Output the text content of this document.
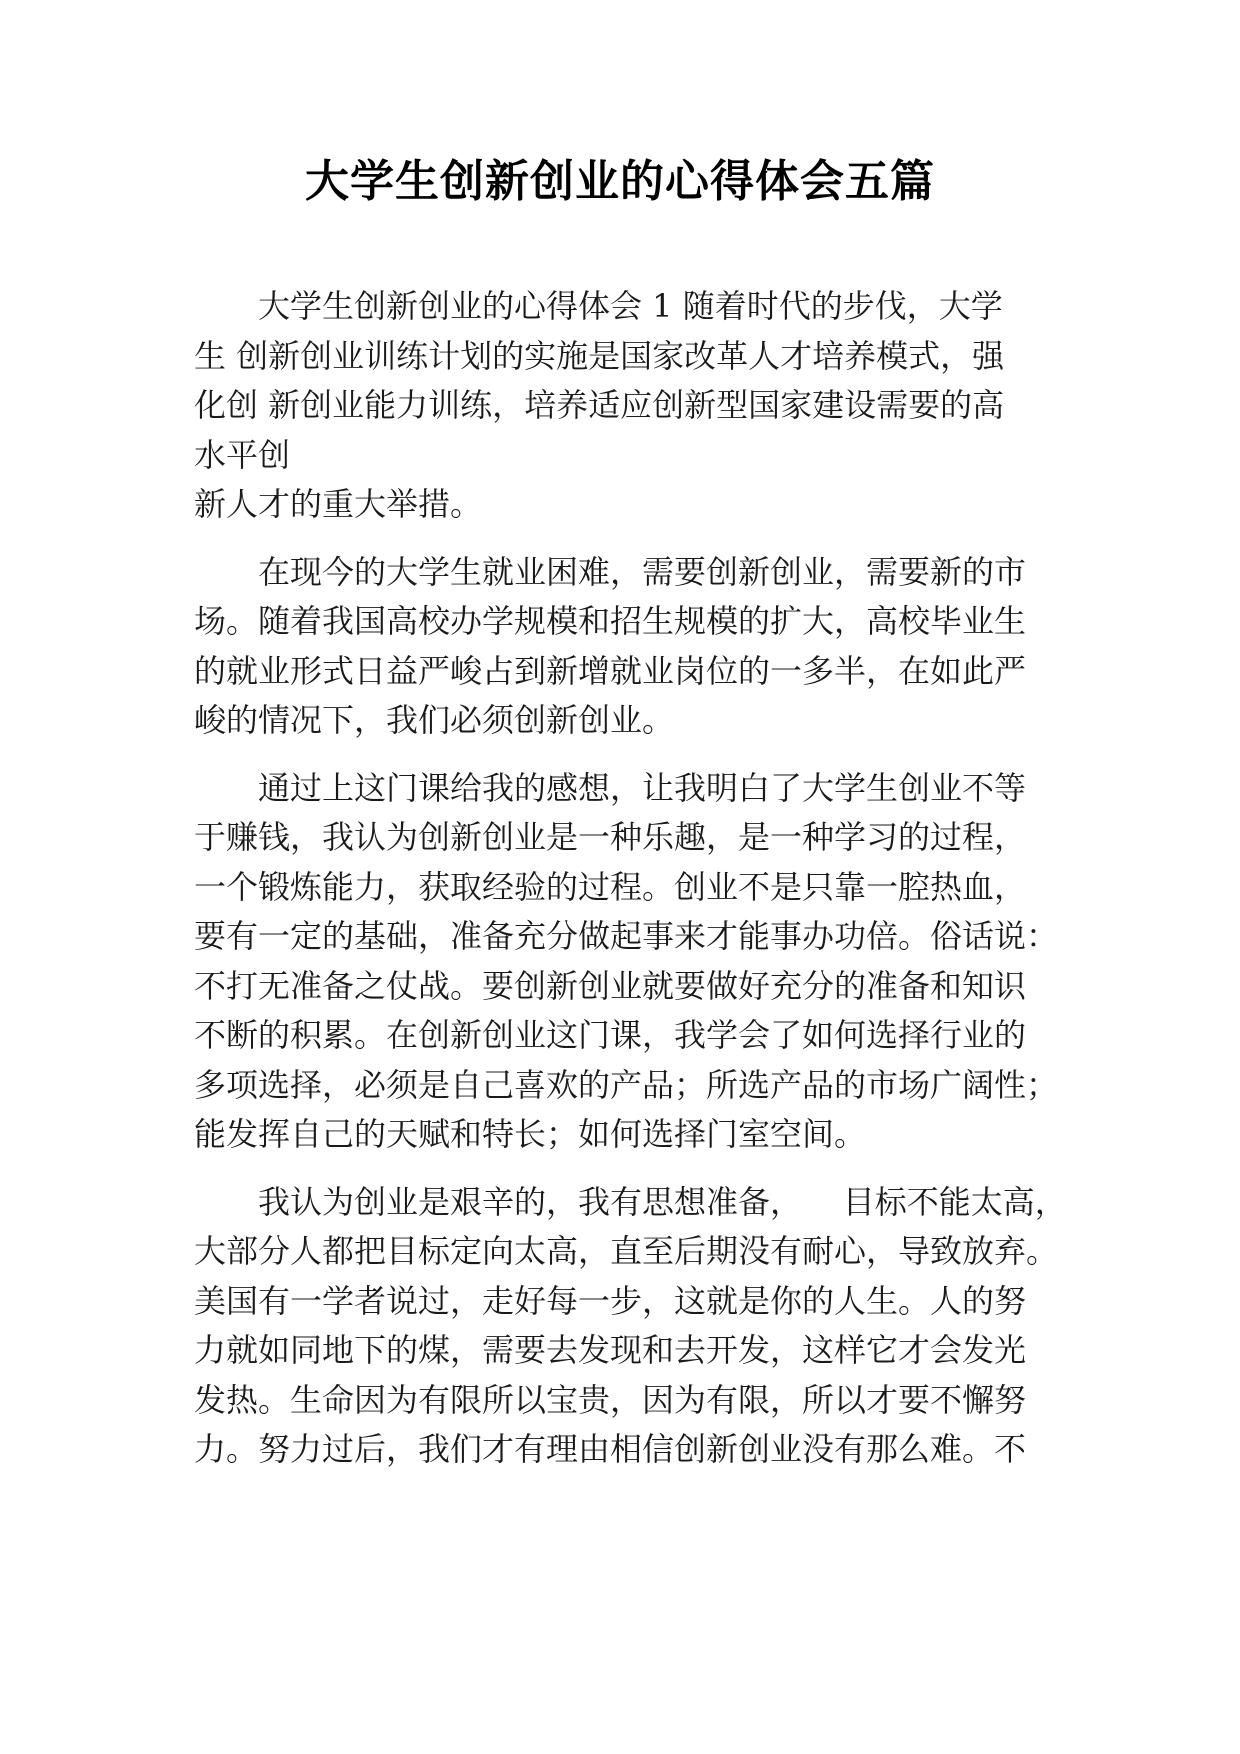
大学生创新创业的心得体会五篇

大学生创新创业的心得体会 1 随着时代的步伐，大学
生 创新创业训练计划的实施是国家改革人才培养模式，强
化创 新创业能力训练，培养适应创新型国家建设需要的高
水平创
新人才的重大举措。

在现今的大学生就业困难，需要创新创业，需要新的市
场。随着我国高校办学规模和招生规模的扩大，高校毕业生
的就业形式日益严峻占到新增就业岗位的一多半，在如此严
峻的情况下，我们必须创新创业。

通过上这门课给我的感想，让我明白了大学生创业不等
于赚钱，我认为创新创业是一种乐趣，是一种学习的过程，
一个锻炼能力，获取经验的过程。创业不是只靠一腔热血，
要有一定的基础，准备充分做起事来才能事办功倍。俗话说：
不打无准备之仗战。要创新创业就要做好充分的准备和知识
不断的积累。在创新创业这门课，我学会了如何选择行业的
多项选择，必须是自己喜欢的产品；所选产品的市场广阔性；
能发挥自己的天赋和特长；如何选择门室空间。

我认为创业是艰辛的，我有思想准备，    目标不能太高，
大部分人都把目标定向太高，直至后期没有耐心，导致放弃。
美国有一学者说过，走好每一步，这就是你的人生。人的努
力就如同地下的煤，需要去发现和去开发，这样它才会发光
发热。生命因为有限所以宝贵，因为有限，所以才要不懈努
力。努力过后，我们才有理由相信创新创业没有那么难。不
